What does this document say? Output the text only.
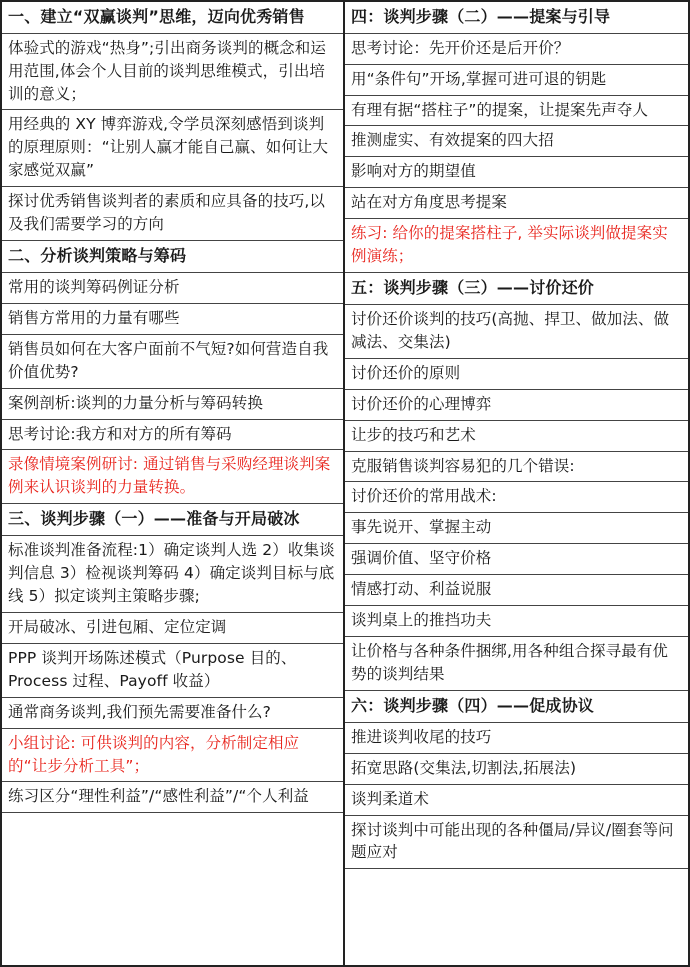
一、建立“双赢谈判”思维，迈向优秀销售
体验式的游戏“热身”;引出商务谈判的概念和运用范围,体会个人目前的谈判思维模式，引出培训的意义；
用经典的 XY 博弈游戏,令学员深刻感悟到谈判的原理原则：“让别人赢才能自己赢、如何让大家感觉双赢”
探讨优秀销售谈判者的素质和应具备的技巧,以及我们需要学习的方向
二、分析谈判策略与筹码
常用的谈判筹码例证分析
销售方常用的力量有哪些
销售员如何在大客户面前不气短?如何营造自我价值优势?
案例剖析:谈判的力量分析与筹码转换
思考讨论:我方和对方的所有筹码
录像情境案例研讨: 通过销售与采购经理谈判案例来认识谈判的力量转换。
三、谈判步骤（一）——准备与开局破冰
标准谈判准备流程:1）确定谈判人选 2）收集谈判信息 3）检视谈判筹码 4）确定谈判目标与底线 5）拟定谈判主策略步骤;
开局破冰、引进包厢、定位定调
PPP 谈判开场陈述模式（Purpose 目的、Process 过程、Payoff 收益）
通常商务谈判,我们预先需要准备什么?
小组讨论: 可供谈判的内容，分析制定相应的“让步分析工具”；
练习区分“理性利益”/“感性利益”/“个人利益
四：谈判步骤（二）——提案与引导
思考讨论：先开价还是后开价？
用“条件句”开场,掌握可进可退的钥匙
有理有据“搭柱子”的提案，让提案先声夺人
推测虚实、有效提案的四大招
影响对方的期望值
站在对方角度思考提案
练习: 给你的提案搭柱子, 举实际谈判做提案实例演练；
五：谈判步骤（三）——讨价还价
讨价还价谈判的技巧(高抛、捍卫、做加法、做减法、交集法)
讨价还价的原则
讨价还价的心理博弈
让步的技巧和艺术
克服销售谈判容易犯的几个错误:
讨价还价的常用战术:
事先说开、掌握主动
强调价值、坚守价格
情感打动、利益说服
谈判桌上的推挡功夫
让价格与各种条件捆绑,用各种组合探寻最有优势的谈判结果
六：谈判步骤（四）——促成协议
推进谈判收尾的技巧
拓宽思路(交集法,切割法,拓展法)
谈判柔道术
探讨谈判中可能出现的各种僵局/异议/圈套等问题应对
